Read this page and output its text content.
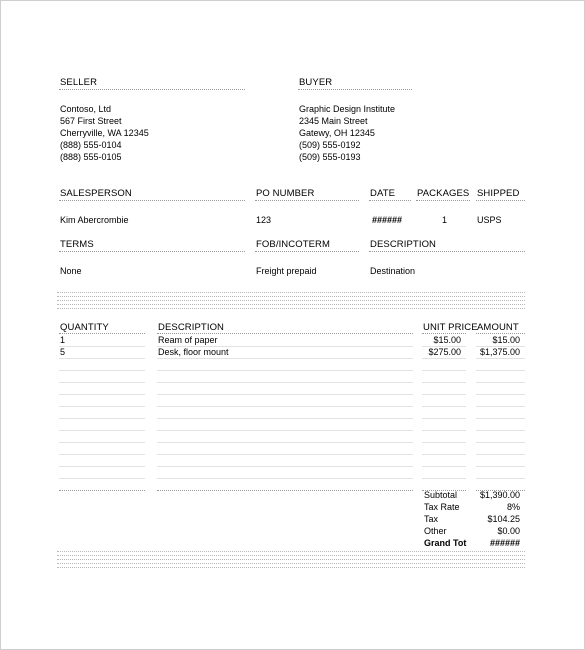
SELLER
Contoso, Ltd
567 First Street
Cherryville, WA 12345
(888) 555-0104
(888) 555-0105
BUYER
Graphic Design Institute
2345 Main Street
Gatewy, OH 12345
(509) 555-0192
(509) 555-0193
SALESPERSON	PO NUMBER	DATE PACKAGES SHIPPED
Kim Abercrombie	123	######	1	USPS
TERMS	FOB/INCOTERM	DESCRIPTION
None	Freight prepaid	Destination
QUANTITY	DESCRIPTION	UNIT PRICE AMOUNT
1	Ream of paper	$15.00	$15.00
5	Desk, floor mount	$275.00	$1,375.00
Subtotal	$1,390.00
Tax Rate	8%
Tax	$104.25
Other	$0.00
Grand Tot	######
